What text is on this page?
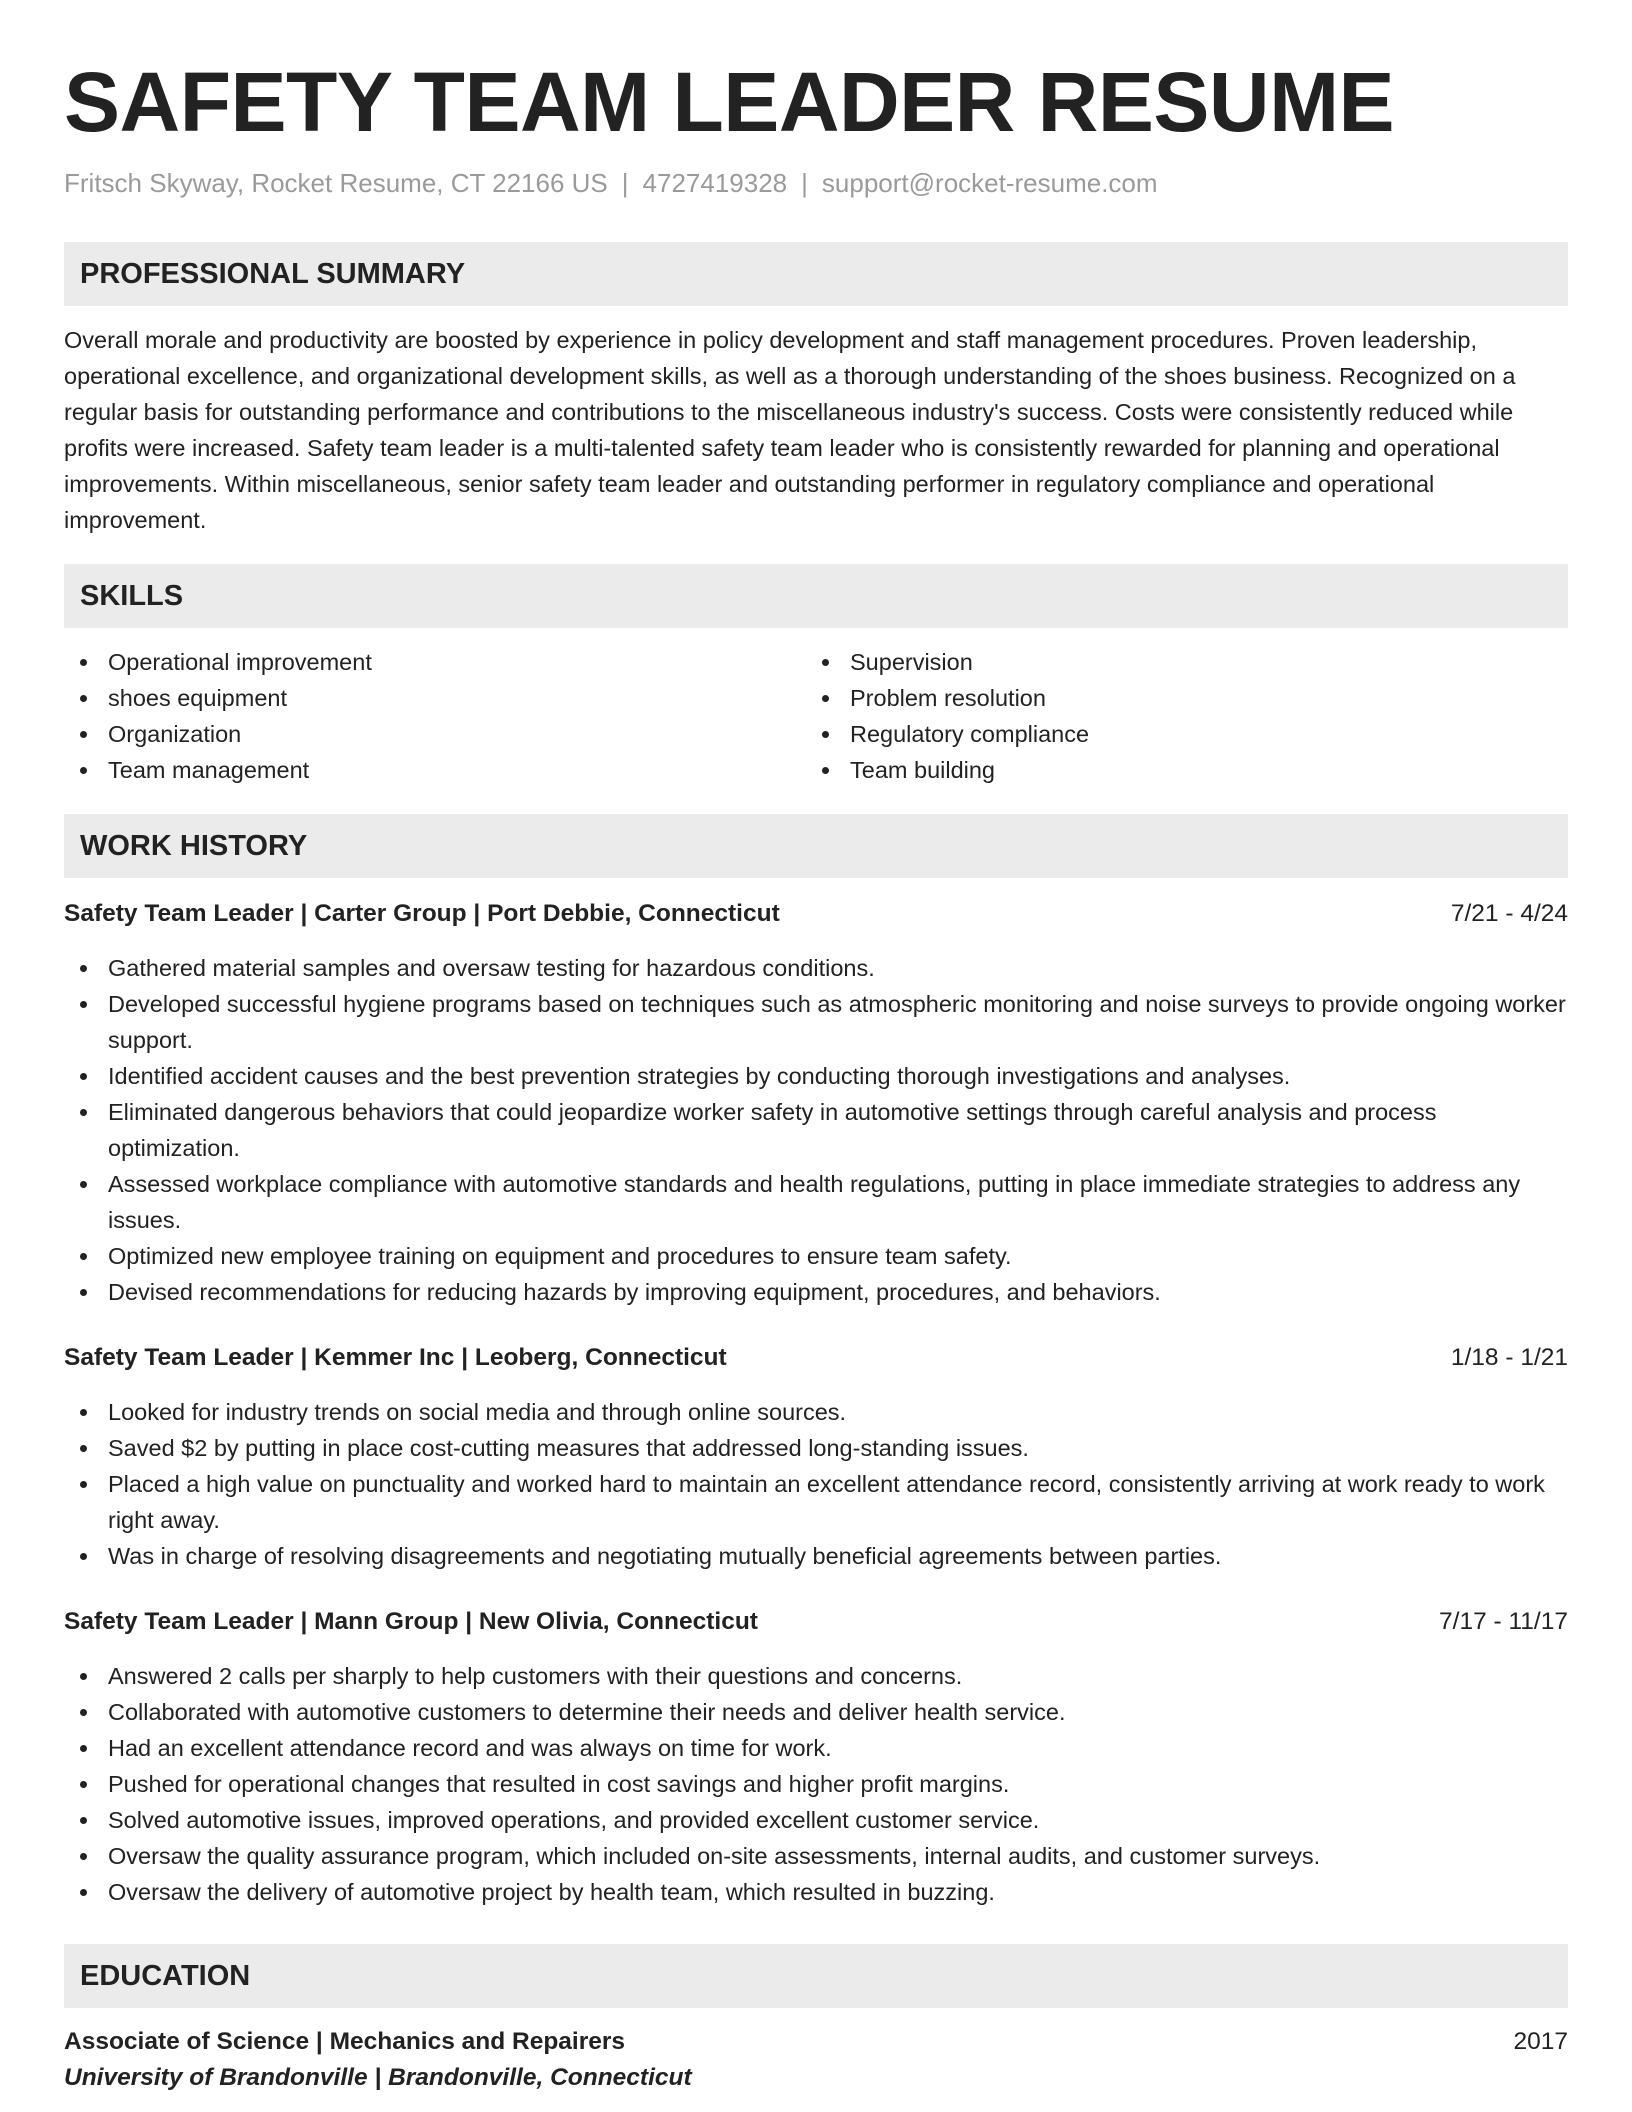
SAFETY TEAM LEADER RESUME
Fritsch Skyway, Rocket Resume, CT 22166 US | 4727419328 | support@rocket-resume.com
PROFESSIONAL SUMMARY
Overall morale and productivity are boosted by experience in policy development and staff management procedures. Proven leadership, operational excellence, and organizational development skills, as well as a thorough understanding of the shoes business. Recognized on a regular basis for outstanding performance and contributions to the miscellaneous industry's success. Costs were consistently reduced while profits were increased. Safety team leader is a multi-talented safety team leader who is consistently rewarded for planning and operational improvements. Within miscellaneous, senior safety team leader and outstanding performer in regulatory compliance and operational improvement.
SKILLS
Operational improvement
shoes equipment
Organization
Team management
Supervision
Problem resolution
Regulatory compliance
Team building
WORK HISTORY
Safety Team Leader | Carter Group | Port Debbie, Connecticut	7/21 - 4/24
Gathered material samples and oversaw testing for hazardous conditions.
Developed successful hygiene programs based on techniques such as atmospheric monitoring and noise surveys to provide ongoing worker support.
Identified accident causes and the best prevention strategies by conducting thorough investigations and analyses.
Eliminated dangerous behaviors that could jeopardize worker safety in automotive settings through careful analysis and process optimization.
Assessed workplace compliance with automotive standards and health regulations, putting in place immediate strategies to address any issues.
Optimized new employee training on equipment and procedures to ensure team safety.
Devised recommendations for reducing hazards by improving equipment, procedures, and behaviors.
Safety Team Leader | Kemmer Inc | Leoberg, Connecticut	1/18 - 1/21
Looked for industry trends on social media and through online sources.
Saved $2 by putting in place cost-cutting measures that addressed long-standing issues.
Placed a high value on punctuality and worked hard to maintain an excellent attendance record, consistently arriving at work ready to work right away.
Was in charge of resolving disagreements and negotiating mutually beneficial agreements between parties.
Safety Team Leader | Mann Group | New Olivia, Connecticut	7/17 - 11/17
Answered 2 calls per sharply to help customers with their questions and concerns.
Collaborated with automotive customers to determine their needs and deliver health service.
Had an excellent attendance record and was always on time for work.
Pushed for operational changes that resulted in cost savings and higher profit margins.
Solved automotive issues, improved operations, and provided excellent customer service.
Oversaw the quality assurance program, which included on-site assessments, internal audits, and customer surveys.
Oversaw the delivery of automotive project by health team, which resulted in buzzing.
EDUCATION
Associate of Science | Mechanics and Repairers	2017
University of Brandonville | Brandonville, Connecticut
